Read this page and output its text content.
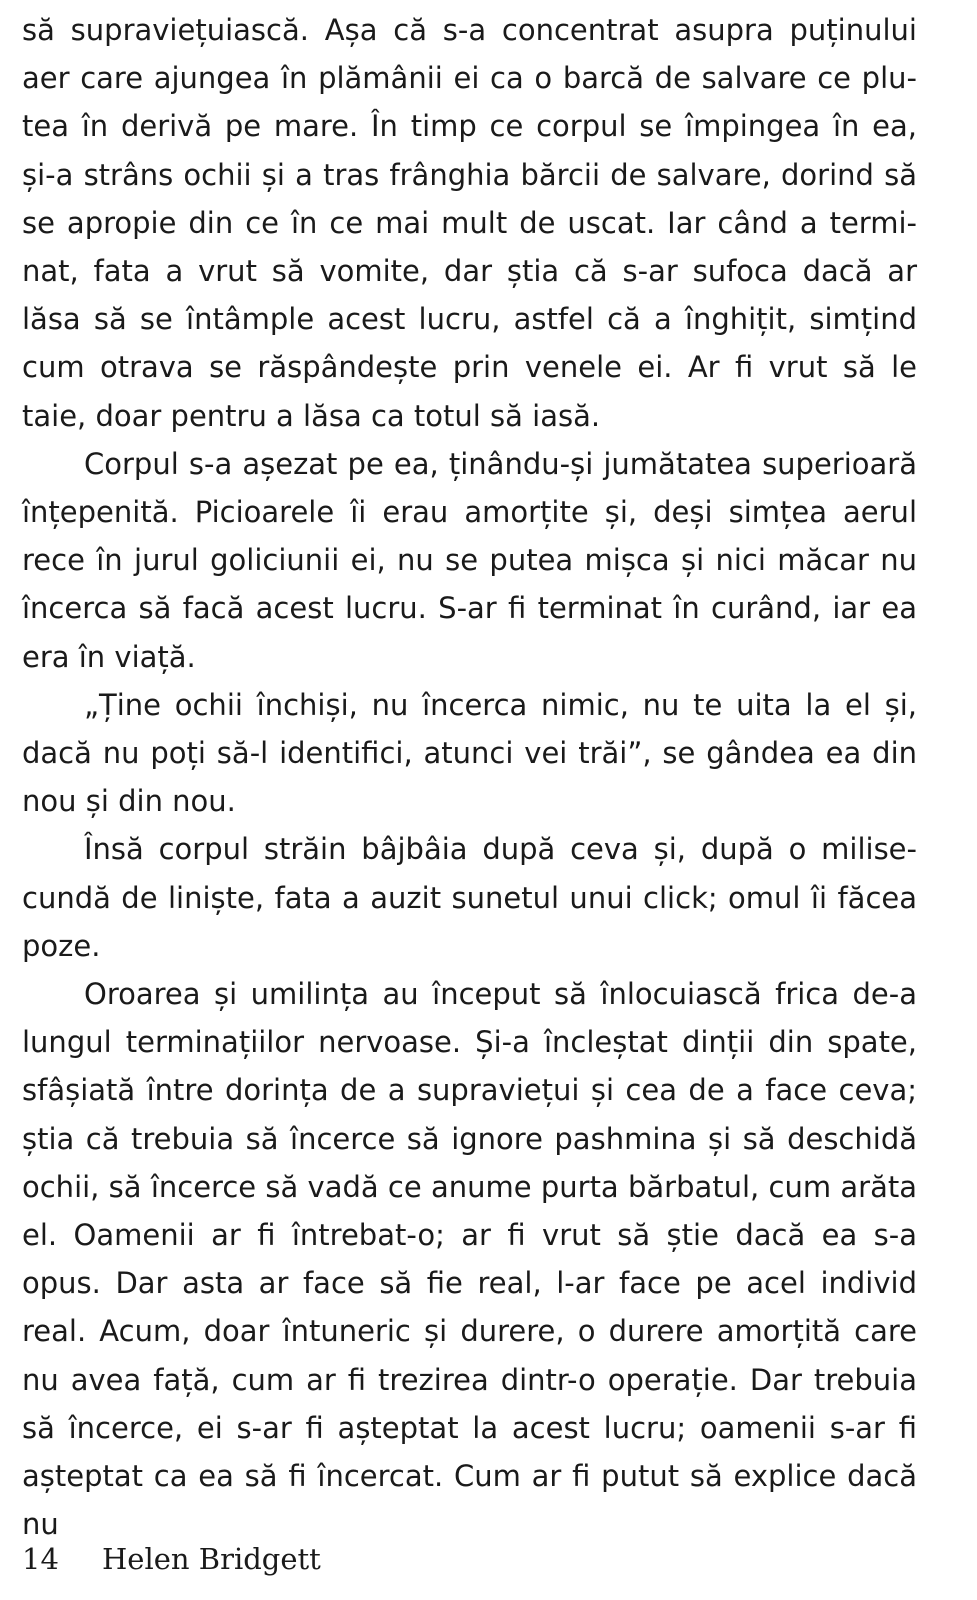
să supraviețuiască. Așa că s-a concentrat asupra puținului aer care ajungea în plămânii ei ca o barcă de salvare ce plutea în derivă pe mare. În timp ce corpul se împingea în ea, și-a strâns ochii și a tras frânghia bărcii de salvare, dorind să se apropie din ce în ce mai mult de uscat. Iar când a terminat, fata a vrut să vomite, dar știa că s-ar sufoca dacă ar lăsa să se întâmple acest lucru, astfel că a înghițit, simțind cum otrava se răspândește prin venele ei. Ar fi vrut să le taie, doar pentru a lăsa ca totul să iasă.

Corpul s-a așezat pe ea, ținându-și jumătatea superioară înțepenită. Picioarele îi erau amorțite și, deși simțea aerul rece în jurul goliciunii ei, nu se putea mișca și nici măcar nu încerca să facă acest lucru. S-ar fi terminat în curând, iar ea era în viață.

„Ține ochii închiși, nu încerca nimic, nu te uita la el și, dacă nu poți să-l identifici, atunci vei trăi”, se gândea ea din nou și din nou.

Însă corpul străin bâjbâia după ceva și, după o milisecundă de liniște, fata a auzit sunetul unui click; omul îi făcea poze.

Oroarea și umilința au început să înlocuiască frica de-a lungul terminațiilor nervoase. Și-a încleștat dinții din spate, sfâșiată între dorința de a supraviețui și cea de a face ceva; știa că trebuia să încerce să ignore pashmina și să deschidă ochii, să încerce să vadă ce anume purta bărbatul, cum arăta el. Oamenii ar fi întrebat-o; ar fi vrut să știe dacă ea s-a opus. Dar asta ar face să fie real, l-ar face pe acel individ real. Acum, doar întuneric și durere, o durere amorțită care nu avea față, cum ar fi trezirea dintr-o operație. Dar trebuia să încerce, ei s-ar fi așteptat la acest lucru; oamenii s-ar fi așteptat ca ea să fi încercat. Cum ar fi putut să explice dacă nu

14 Helen Bridgett
